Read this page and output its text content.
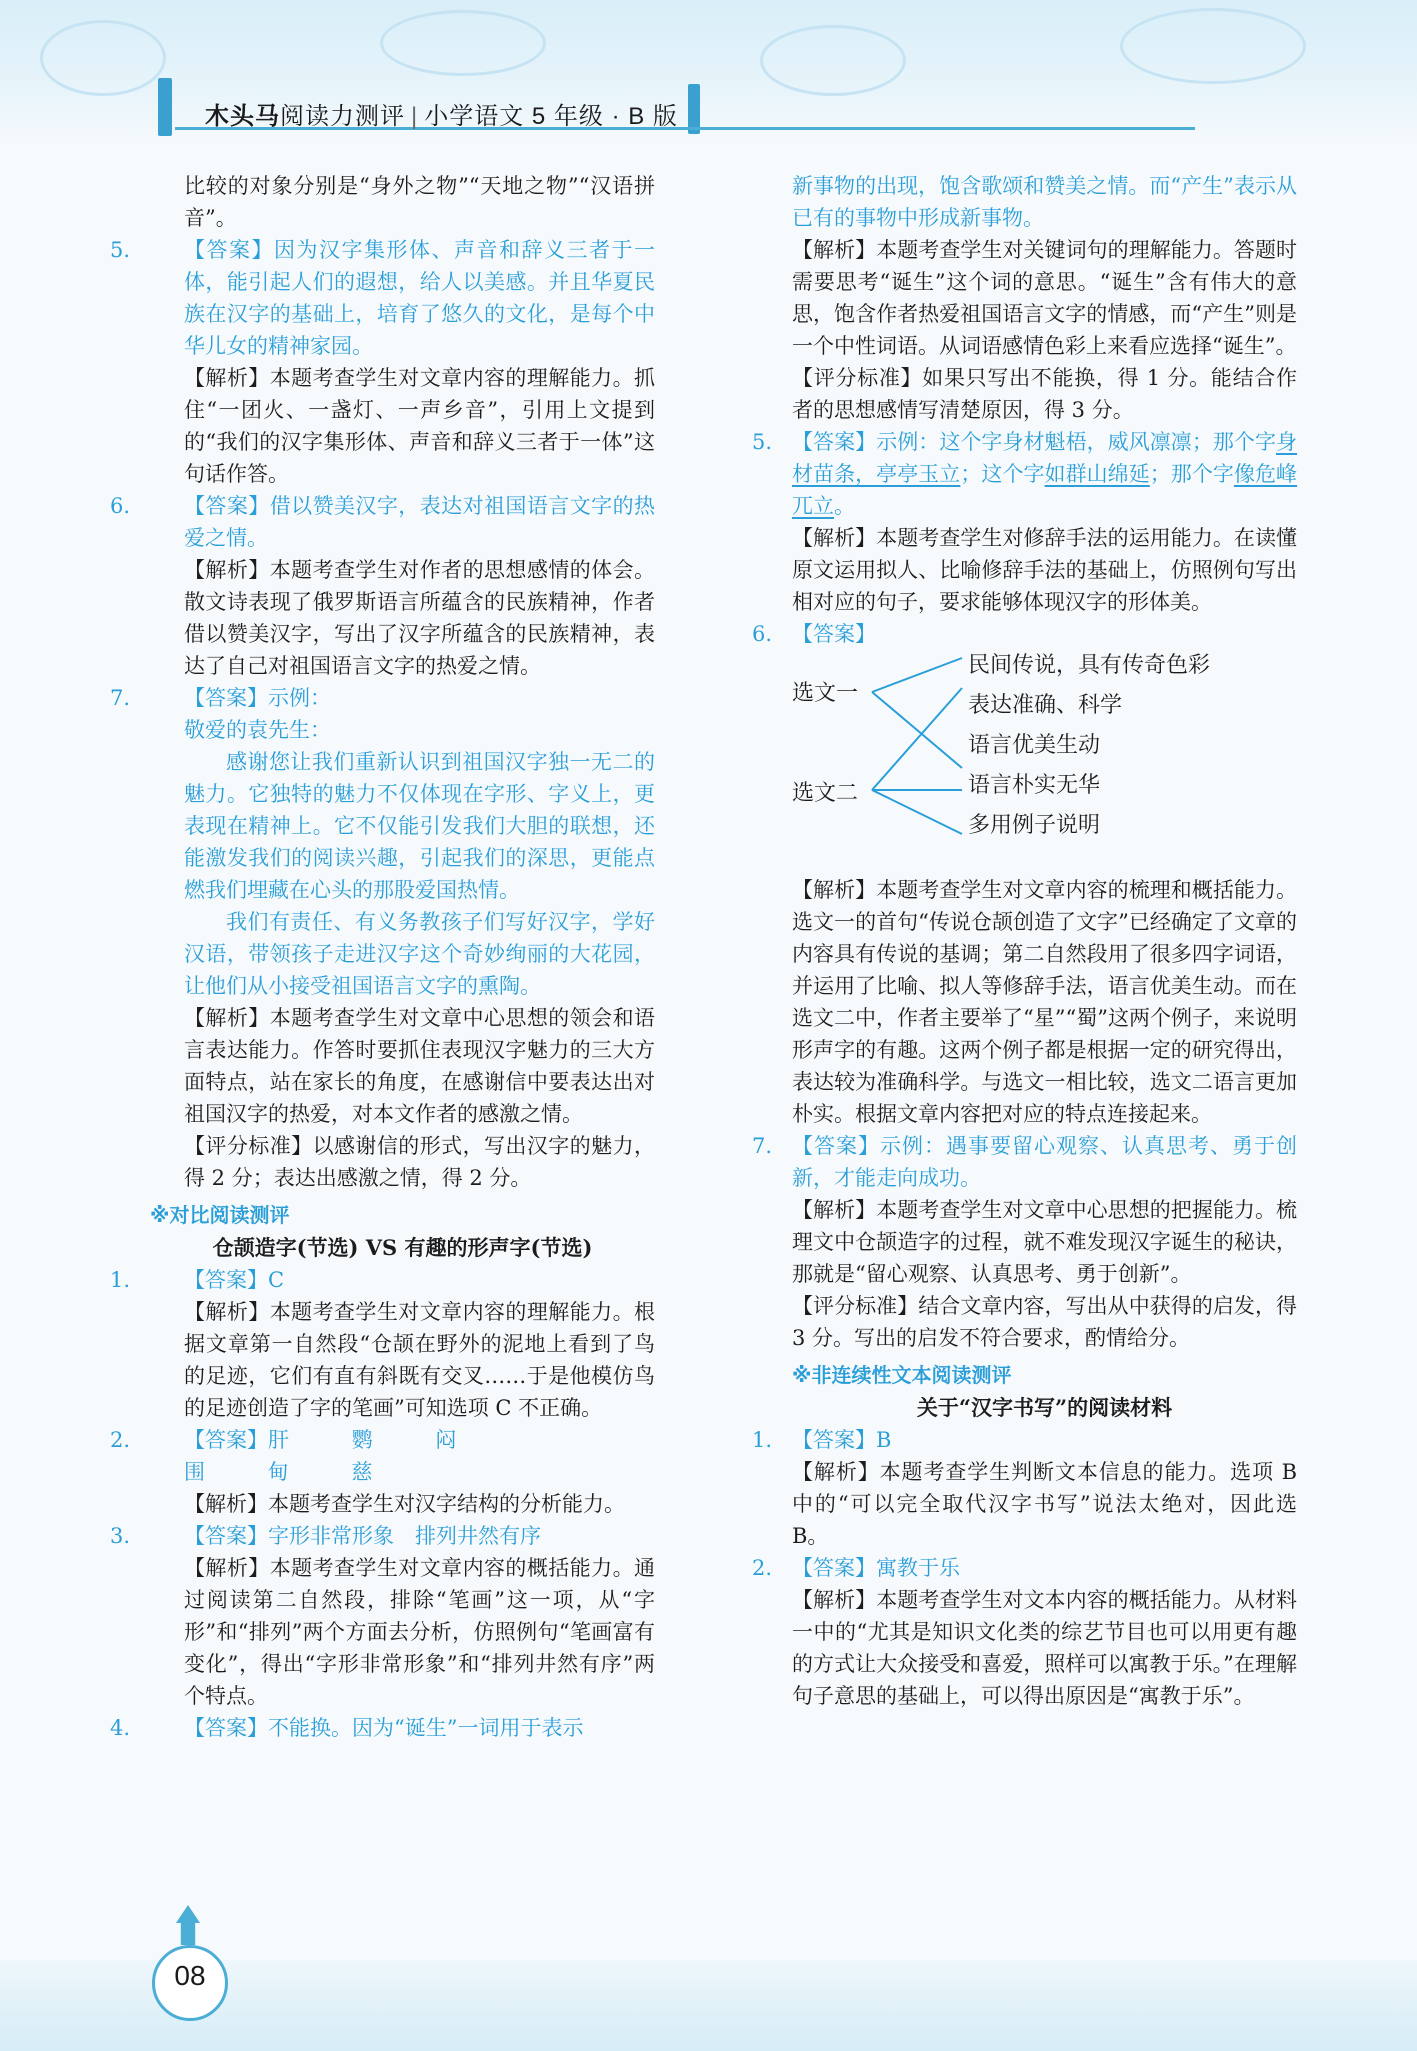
木头马阅读力测评 | 小学语文 5 年级 · B 版

比较的对象分别是“身外之物”“天地之物”“汉语拼音”。

5.	【答案】因为汉字集形体、声音和辞义三者于一体，能引起人们的遐想，给人以美感。并且华夏民族在汉字的基础上，培育了悠久的文化，是每个中华儿女的精神家园。

【解析】本题考查学生对文章内容的理解能力。抓住“一团火、一盏灯、一声乡音”，引用上文提到的“我们的汉字集形体、声音和辞义三者于一体”这句话作答。

6.	【答案】借以赞美汉字，表达对祖国语言文字的热爱之情。

【解析】本题考查学生对作者的思想感情的体会。散文诗表现了俄罗斯语言所蕴含的民族精神，作者借以赞美汉字，写出了汉字所蕴含的民族精神，表达了自己对祖国语言文字的热爱之情。

7.	【答案】示例：

敬爱的袁先生：

感谢您让我们重新认识到祖国汉字独一无二的魅力。它独特的魅力不仅体现在字形、字义上，更表现在精神上。它不仅能引发我们大胆的联想，还能激发我们的阅读兴趣，引起我们的深思，更能点燃我们埋藏在心头的那股爱国热情。

我们有责任、有义务教孩子们写好汉字，学好汉语，带领孩子走进汉字这个奇妙绚丽的大花园，让他们从小接受祖国语言文字的熏陶。

【解析】本题考查学生对文章中心思想的领会和语言表达能力。作答时要抓住表现汉字魅力的三大方面特点，站在家长的角度，在感谢信中要表达出对祖国汉字的热爱，对本文作者的感激之情。

【评分标准】以感谢信的形式，写出汉字的魅力，得 2 分；表达出感激之情，得 2 分。

※对比阅读测评
仓颉造字(节选) VS 有趣的形声字(节选)
1.	【答案】C

【解析】本题考查学生对文章内容的理解能力。根据文章第一自然段“仓颉在野外的泥地上看到了鸟的足迹，它们有直有斜既有交叉……于是他模仿鸟的足迹创造了字的笔画”可知选项 C 不正确。

2.	【答案】肝 鹦 闷

围 甸 慈

【解析】本题考查学生对汉字结构的分析能力。

3.	【答案】字形非常形象　 排列井然有序

【解析】本题考查学生对文章内容的概括能力。通过阅读第二自然段，排除“笔画”这一项，从“字形”和“排列”两个方面去分析，仿照例句“笔画富有变化”，得出“字形非常形象”和“排列井然有序”两个特点。

4.	【答案】不能换。因为“诞生”一词用于表示

新事物的出现，饱含歌颂和赞美之情。而“产生”表示从已有的事物中形成新事物。

【解析】本题考查学生对关键词句的理解能力。答题时需要思考“诞生”这个词的意思。“诞生”含有伟大的意思，饱含作者热爱祖国语言文字的情感，而“产生”则是一个中性词语。从词语感情色彩上来看应选择“诞生”。

【评分标准】如果只写出不能换，得 1 分。能结合作者的思想感情写清楚原因，得 3 分。

5. 【答案】示例：这个字身材魁梧，威风凛凛；那个字身材苗条，亭亭玉立；这个字如群山绵延；那个字像危峰兀立。

【解析】本题考查学生对修辞手法的运用能力。在读懂原文运用拟人、比喻修辞手法的基础上，仿照例句写出相对应的句子，要求能够体现汉字的形体美。

6. 【答案】

选文一
选文二
民间传说，具有传奇色彩
表达准确、科学
语言优美生动
语言朴实无华
多用例子说明

【解析】本题考查学生对文章内容的梳理和概括能力。选文一的首句“传说仓颉创造了文字”已经确定了文章的内容具有传说的基调；第二自然段用了很多四字词语，并运用了比喻、拟人等修辞手法，语言优美生动。而在选文二中，作者主要举了“星”“蜀”这两个例子，来说明形声字的有趣。这两个例子都是根据一定的研究得出，表达较为准确科学。与选文一相比较，选文二语言更加朴实。根据文章内容把对应的特点连接起来。

7. 【答案】示例：遇事要留心观察、认真思考、勇于创新，才能走向成功。

【解析】本题考查学生对文章中心思想的把握能力。梳理文中仓颉造字的过程，就不难发现汉字诞生的秘诀，那就是“留心观察、认真思考、勇于创新”。

【评分标准】结合文章内容，写出从中获得的启发，得 3 分。写出的启发不符合要求，酌情给分。

※非连续性文本阅读测评
关于“汉字书写”的阅读材料
1. 【答案】B

【解析】本题考查学生判断文本信息的能力。选项 B 中的“可以完全取代汉字书写”说法太绝对，因此选 B。

2. 【答案】寓教于乐

【解析】本题考查学生对文本内容的概括能力。从材料一中的“尤其是知识文化类的综艺节目也可以用更有趣的方式让大众接受和喜爱，照样可以寓教于乐。”在理解句子意思的基础上，可以得出原因是“寓教于乐”。

08
